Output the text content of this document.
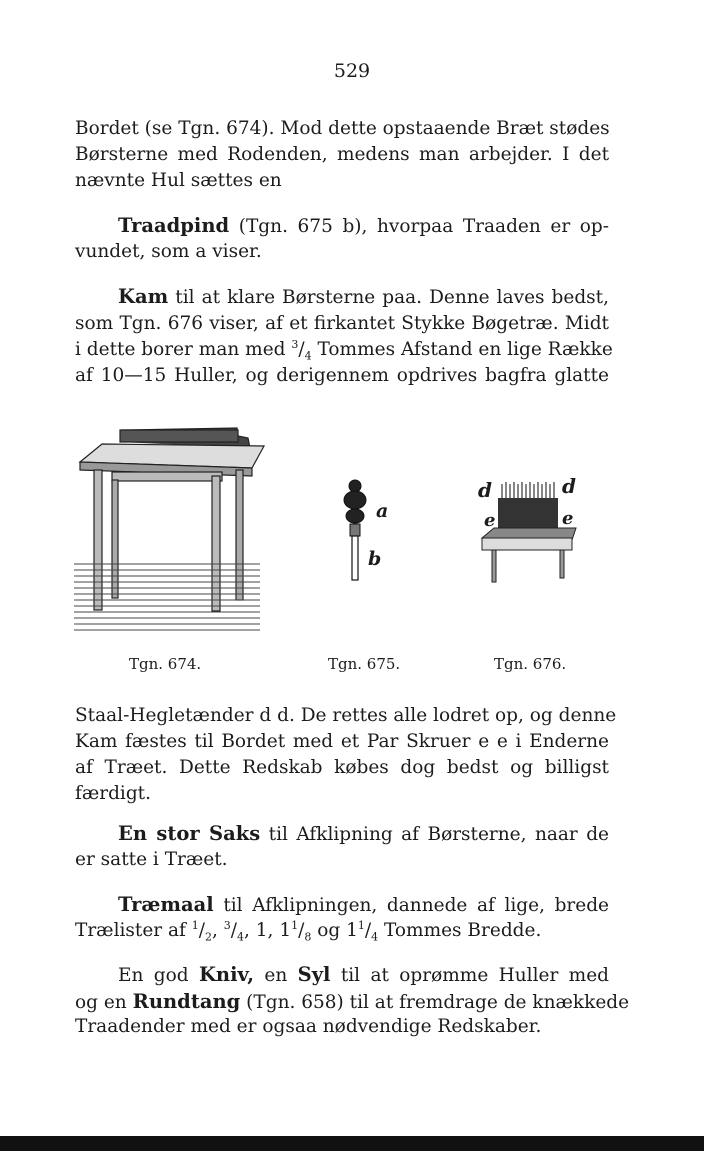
529
Bordet (se Tgn. 674). Mod dette opstaaende Bræt stødes
Børsterne med Rodenden, medens man arbejder. I det
nævnte Hul sættes en
Traadpind (Tgn. 675 b), hvorpaa Traaden er op-
vundet, som a viser.
Kam til at klare Børsterne paa. Denne laves bedst,
som Tgn. 676 viser, af et firkantet Stykke Bøgetræ. Midt
i dette borer man med $^3/_4$ Tommes Afstand en lige Række
af 10—15 Huller, og derigennem opdrives bagfra glatte
a
b
d	d
e	e
Tgn. 674.	Tgn. 675.	Tgn. 676.
Staal-Hegletænder d d. De rettes alle lodret op, og denne
Kam fæstes til Bordet med et Par Skruer e e i Enderne
af Træet. Dette Redskab købes dog bedst og billigst
færdigt.
En stor Saks til Afklipning af Børsterne, naar de
er satte i Træet.
Træmaal til Afklipningen, dannede af lige, brede
Trælister af $^1/_2$, $^3/_4$, 1, $1^1/_8$ og $1^1/_4$ Tommes Bredde.
En god Kniv, en Syl til at oprømme Huller med
og en Rundtang (Tgn. 658) til at fremdrage de knækkede
Traadender med er ogsaa nødvendige Redskaber.
